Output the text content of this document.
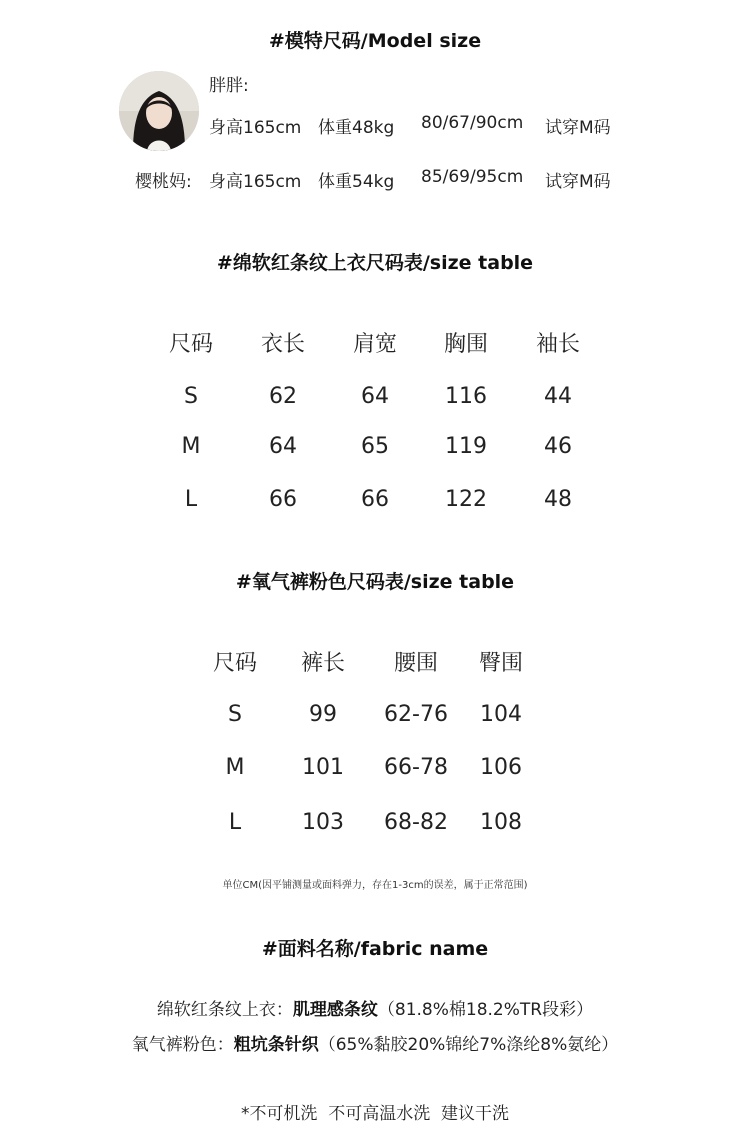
#模特尺码/Model size
胖胖:
身高165cm 体重48kg 80/67/90cm 试穿M码
樱桃妈: 身高165cm 体重54kg 85/69/95cm 试穿M码
#绵软红条纹上衣尺码表/size table
尺码	衣长	肩宽	胸围	袖长
S	62	64	116	44
M	64	65	119	46
L	66	66	122	48
#氧气裤粉色尺码表/size table
尺码	裤长	腰围	臀围
S	99	62-76	104
M	101	66-78	106
L	103	68-82	108
单位CM(因平铺测量或面料弹力，存在1-3cm的误差，属于正常范围)
#面料名称/fabric name
绵软红条纹上衣：肌理感条纹（81.8%棉18.2%TR段彩）
氧气裤粉色：粗坑条针织（65%黏胶20%锦纶7%涤纶8%氨纶）
*不可机洗  不可高温水洗  建议干洗
